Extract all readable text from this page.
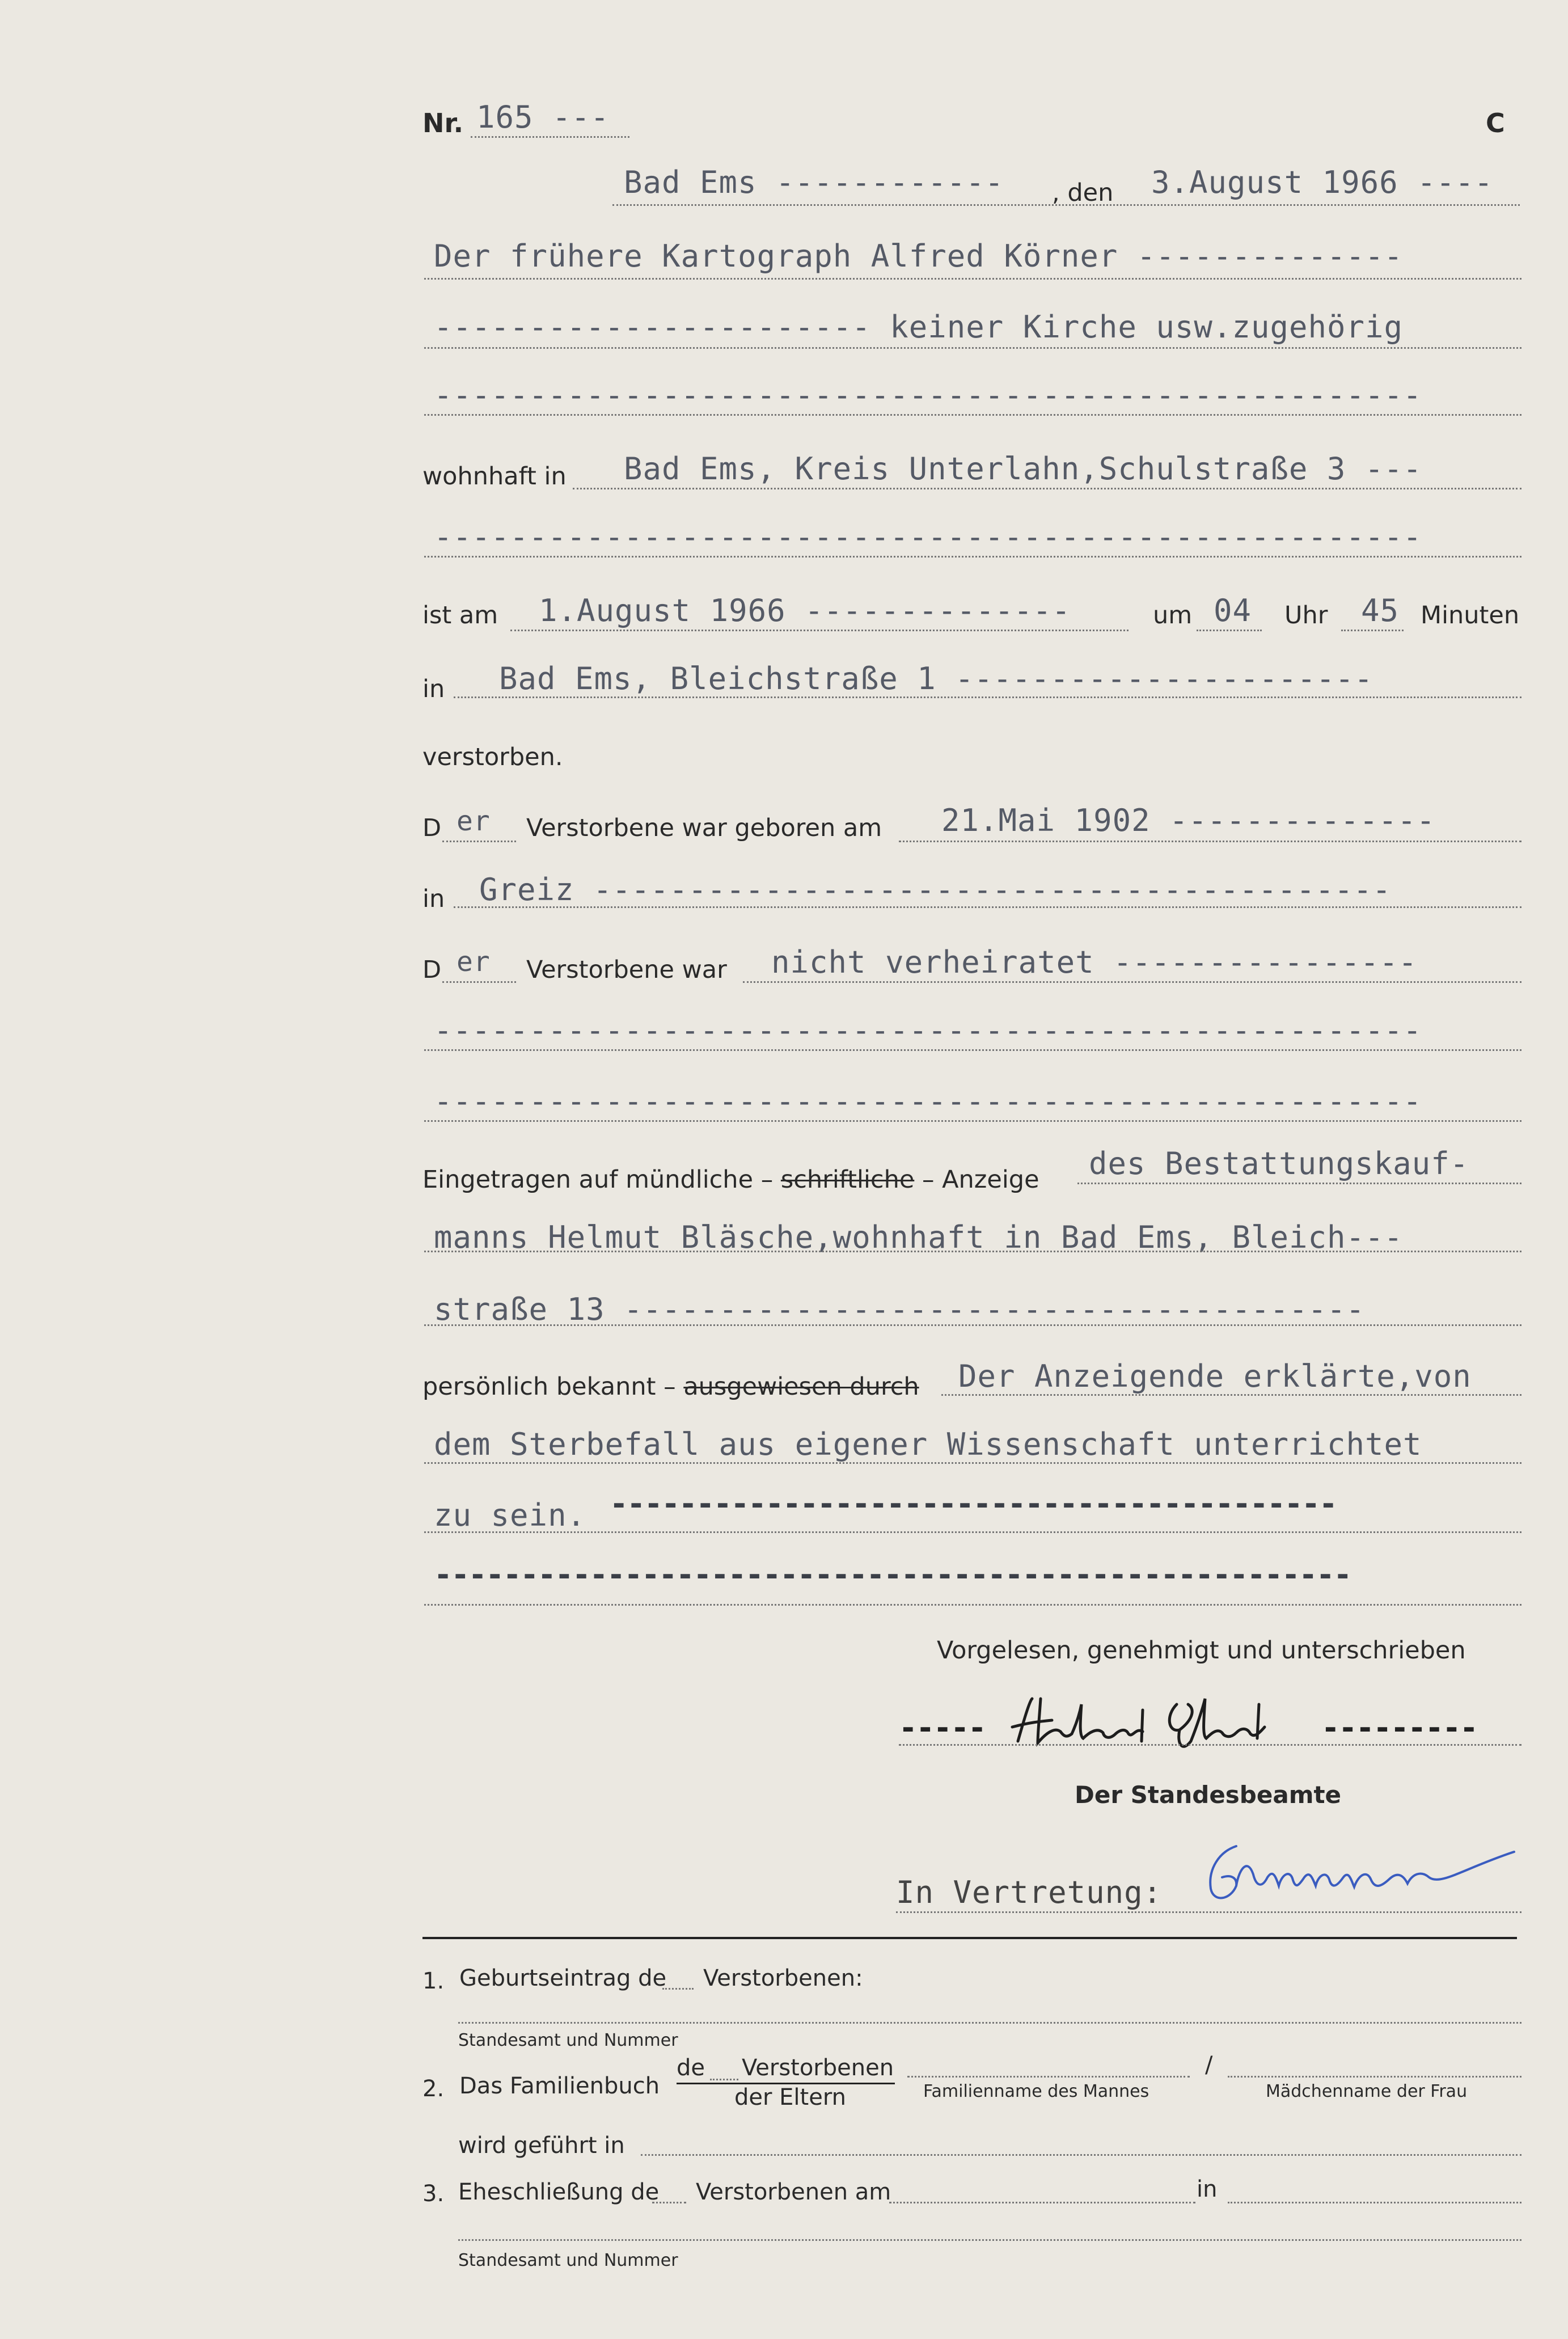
Nr. 165 ---	C
Bad Ems ------------ , den 3.August 1966 ----
Der frühere Kartograph Alfred Körner --------------
----------------------- keiner Kirche usw.zugehörig
----------------------------------------------------
wohnhaft in Bad Ems, Kreis Unterlahn,Schulstraße 3 ---
----------------------------------------------------
ist am 1.August 1966 --------------	um 04 Uhr 45 Minuten
in Bad Ems, Bleichstraße 1 ----------------------
verstorben.
D er Verstorbene war geboren am 21.Mai 1902 --------------
in Greiz ------------------------------------------
D er Verstorbene war nicht verheiratet ----------------
----------------------------------------------------
----------------------------------------------------
Eingetragen auf mündliche – schriftliche – Anzeige des Bestattungskauf-
manns Helmut Bläsche,wohnhaft in Bad Ems, Bleich---
straße 13 ---------------------------------------
persönlich bekannt – ausgewiesen durch Der Anzeigende erklärte,von
dem Sterbefall aus eigener Wissenschaft unterrichtet
zu sein. ------------------------------------------
-----------------------------------------------------
Vorgelesen, genehmigt und unterschrieben
-----	---------
Der Standesbeamte
In Vertretung:
1. Geburtseintrag de Verstorbenen:
Standesamt und Nummer
2. Das Familienbuch
de Verstorbenen
der Eltern	Familienname des Mannes
/
Mädchenname der Frau
wird geführt in
3. Eheschließung de Verstorbenen am	in
Standesamt und Nummer
